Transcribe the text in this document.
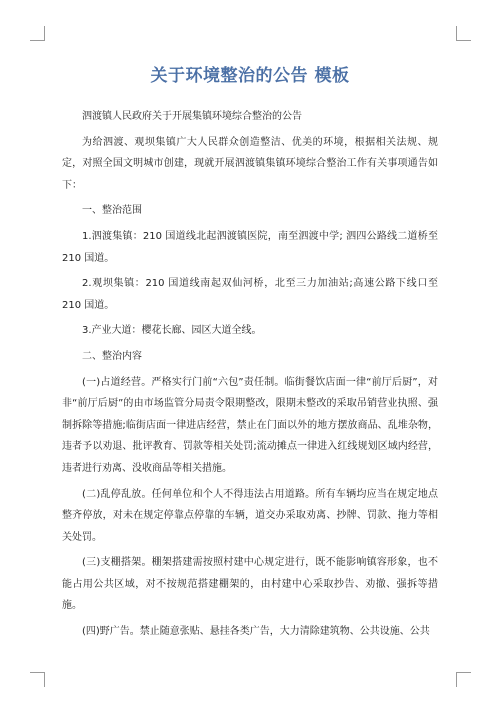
关于环境整治的公告 模板

泗渡镇人民政府关于开展集镇环境综合整治的公告

为给泗渡、观坝集镇广大人民群众创造整洁、优美的环境，根据相关法规、规定，对照全国文明城市创建，现就开展泗渡镇集镇环境综合整治工作有关事项通告如下：

一、整治范围

1.泗渡集镇：210 国道线北起泗渡镇医院，南至泗渡中学; 泗四公路线二道桥至 210 国道。

2.观坝集镇：210 国道线南起双仙河桥，北至三力加油站;高速公路下线口至 210 国道。

3.产业大道：樱花长廊、园区大道全线。

二、整治内容

(一)占道经营。严格实行门前“六包”责任制。临街餐饮店面一律“前厅后厨”，对非“前厅后厨”的由市场监管分局责令限期整改，限期未整改的采取吊销营业执照、强制拆除等措施;临街店面一律进店经营，禁止在门面以外的地方摆放商品、乱堆杂物，违者予以劝退、批评教育、罚款等相关处罚;流动摊点一律进入红线规划区域内经营，违者进行劝离、没收商品等相关措施。

(二)乱停乱放。任何单位和个人不得违法占用道路。所有车辆均应当在规定地点整齐停放，对未在规定停靠点停靠的车辆，道交办采取劝离、抄牌、罚款、拖力等相关处罚。

(三)支棚搭架。棚架搭建需按照村建中心规定进行，既不能影响镇容形象，也不能占用公共区域，对不按规范搭建棚架的，由村建中心采取抄告、劝撤、强拆等措施。

(四)野广告。禁止随意张贴、悬挂各类广告，大力清除建筑物、公共设施、公共
